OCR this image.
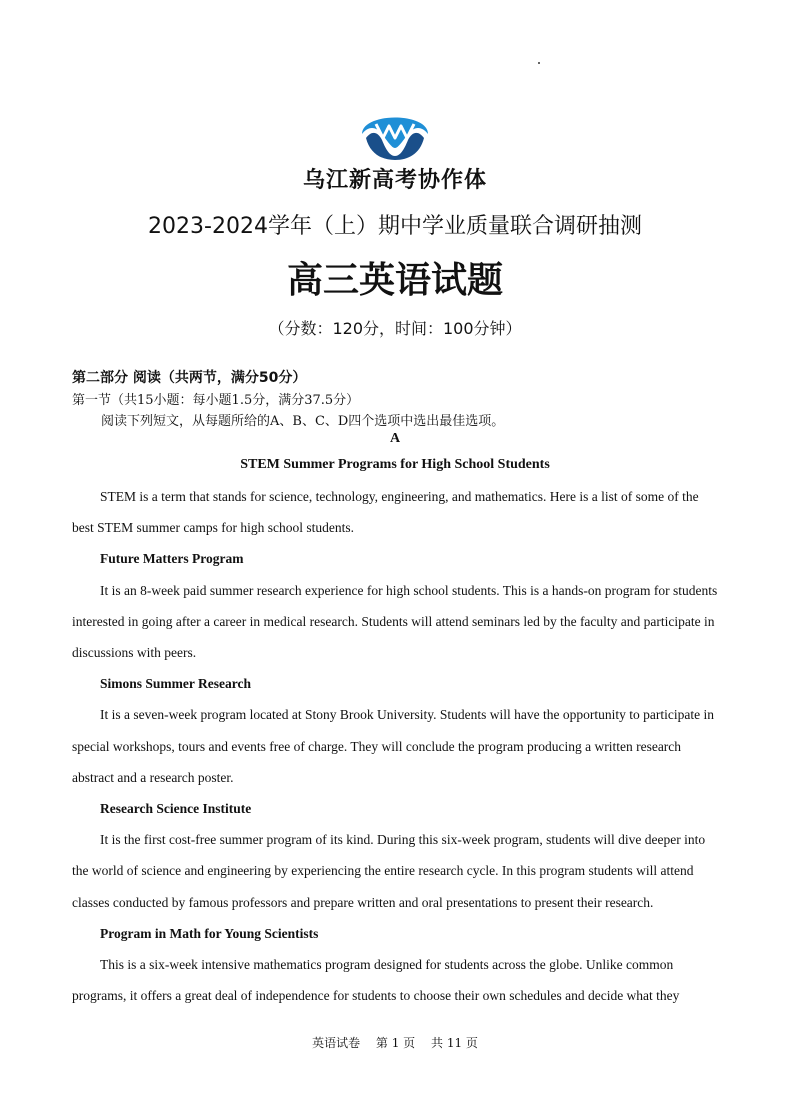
乌江新高考协作体
2023-2024学年（上）期中学业质量联合调研抽测
高三英语试题
（分数：120分，时间：100分钟）
第二部分 阅读（共两节，满分50分）
第一节（共15小题：每小题1.5分，满分37.5分）
阅读下列短文，从每题所给的A、B、C、D四个选项中选出最佳选项。
A
STEM Summer Programs for High School Students

STEM is a term that stands for science, technology, engineering, and mathematics. Here is a list of some of the best STEM summer camps for high school students.

Future Matters Program

It is an 8-week paid summer research experience for high school students. This is a hands-on program for students interested in going after a career in medical research. Students will attend seminars led by the faculty and participate in discussions with peers.

Simons Summer Research

It is a seven-week program located at Stony Brook University. Students will have the opportunity to participate in special workshops, tours and events free of charge. They will conclude the program producing a written research abstract and a research poster.

Research Science Institute

It is the first cost-free summer program of its kind. During this six-week program, students will dive deeper into the world of science and engineering by experiencing the entire research cycle. In this program students will attend classes conducted by famous professors and prepare written and oral presentations to present their research.

Program in Math for Young Scientists

This is a six-week intensive mathematics program designed for students across the globe. Unlike common programs, it offers a great deal of independence for students to choose their own schedules and decide what they

英语试卷 第 1 页 共 11 页
